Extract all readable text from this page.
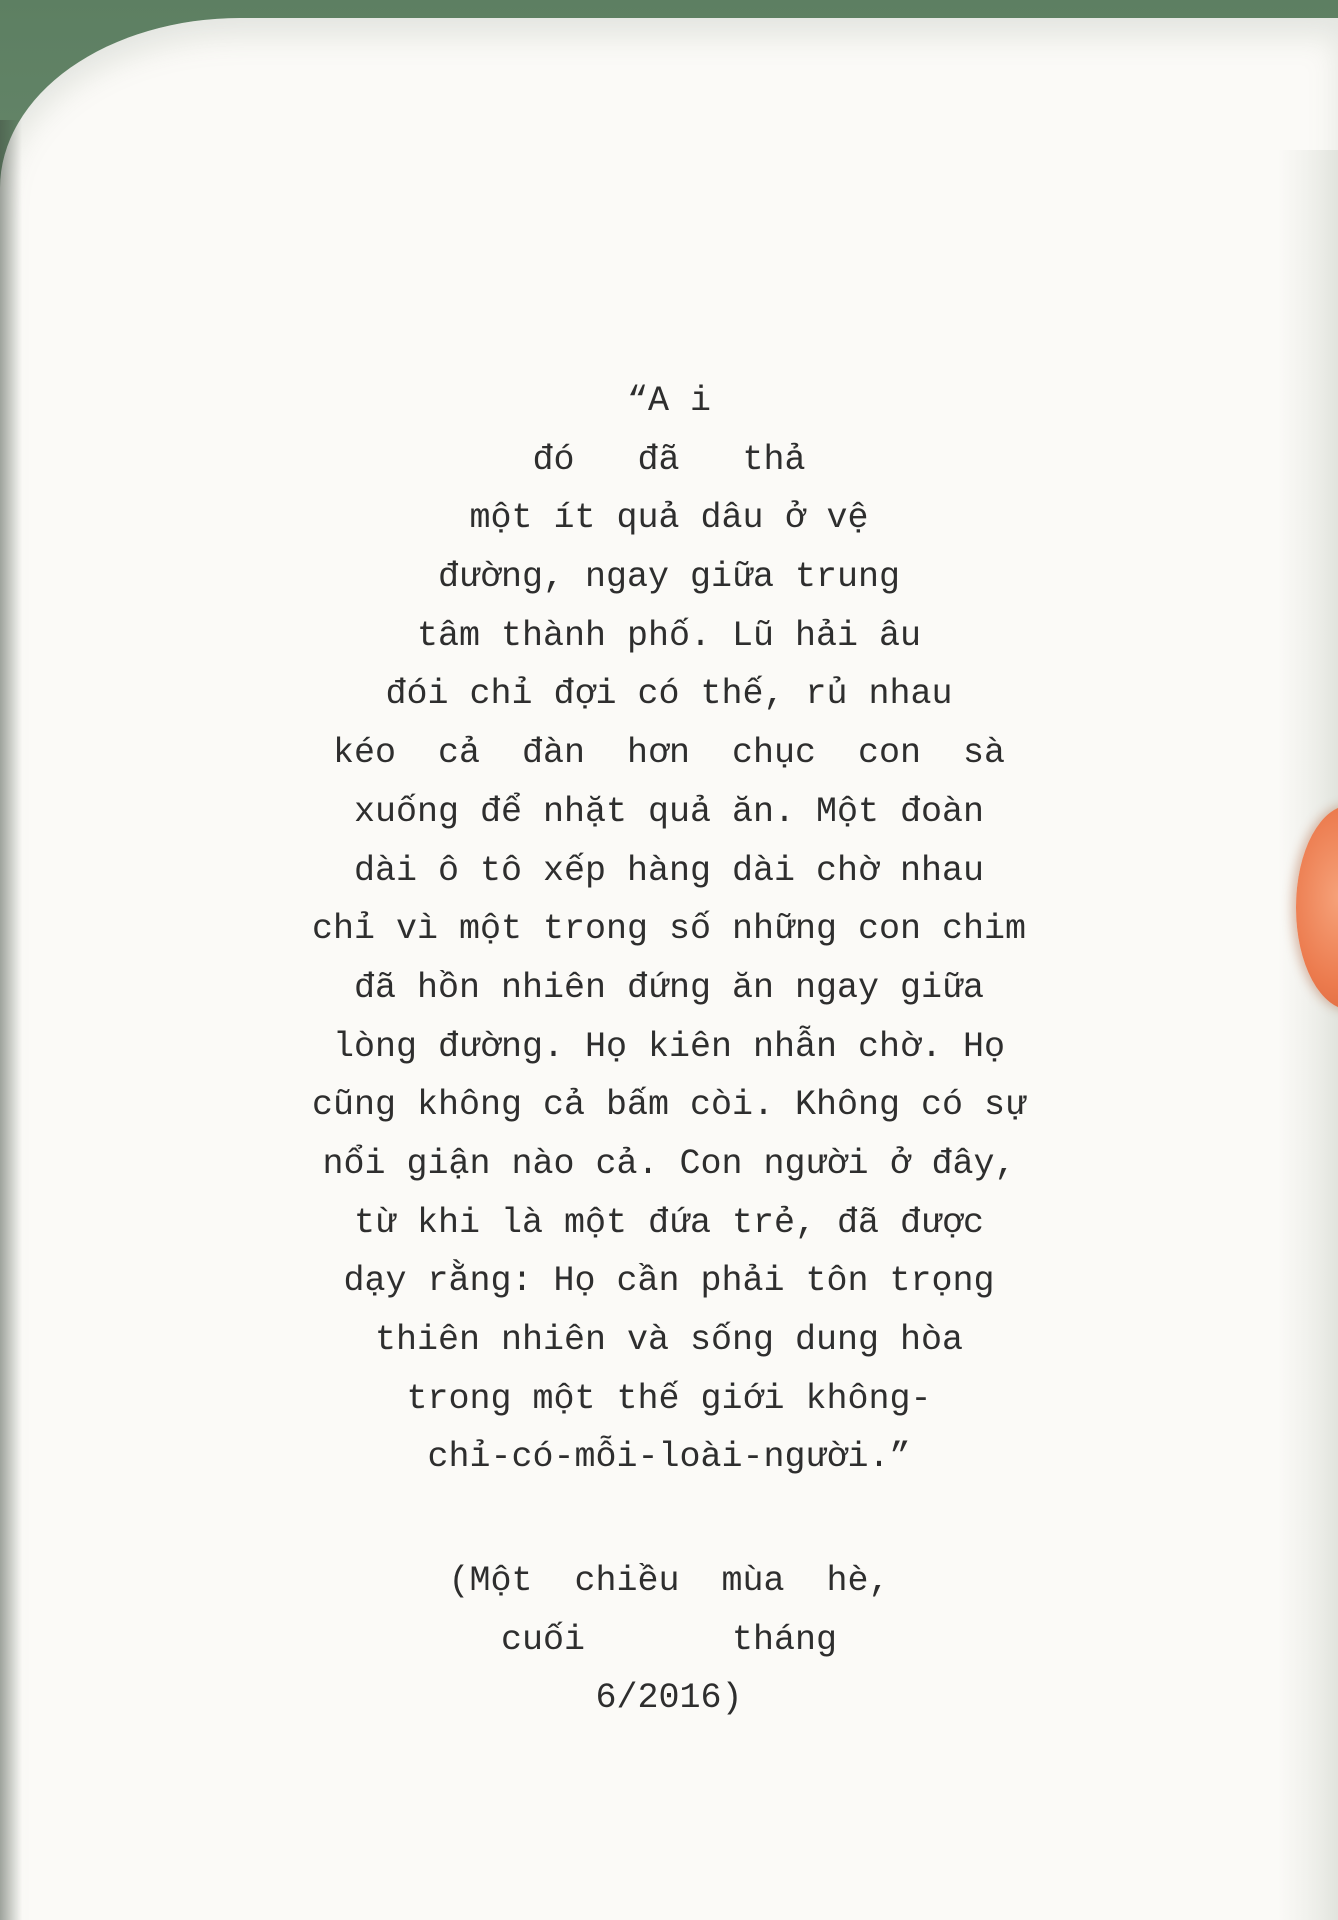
“A i
đó   đã   thả
một ít quả dâu ở vệ
đường, ngay giữa trung
tâm thành phố. Lũ hải âu
đói chỉ đợi có thế, rủ nhau
kéo  cả  đàn  hơn  chục  con  sà
xuống để nhặt quả ăn. Một đoàn
dài ô tô xếp hàng dài chờ nhau
chỉ vì một trong số những con chim
đã hồn nhiên đứng ăn ngay giữa
lòng đường. Họ kiên nhẫn chờ. Họ
cũng không cả bấm còi. Không có sự
nổi giận nào cả. Con người ở đây,
từ khi là một đứa trẻ, đã được
dạy rằng: Họ cần phải tôn trọng
thiên nhiên và sống dung hòa
trong một thế giới không-
chỉ-có-mỗi-loài-người.”
(Một  chiều  mùa  hè,
cuối       tháng
6/2016)
